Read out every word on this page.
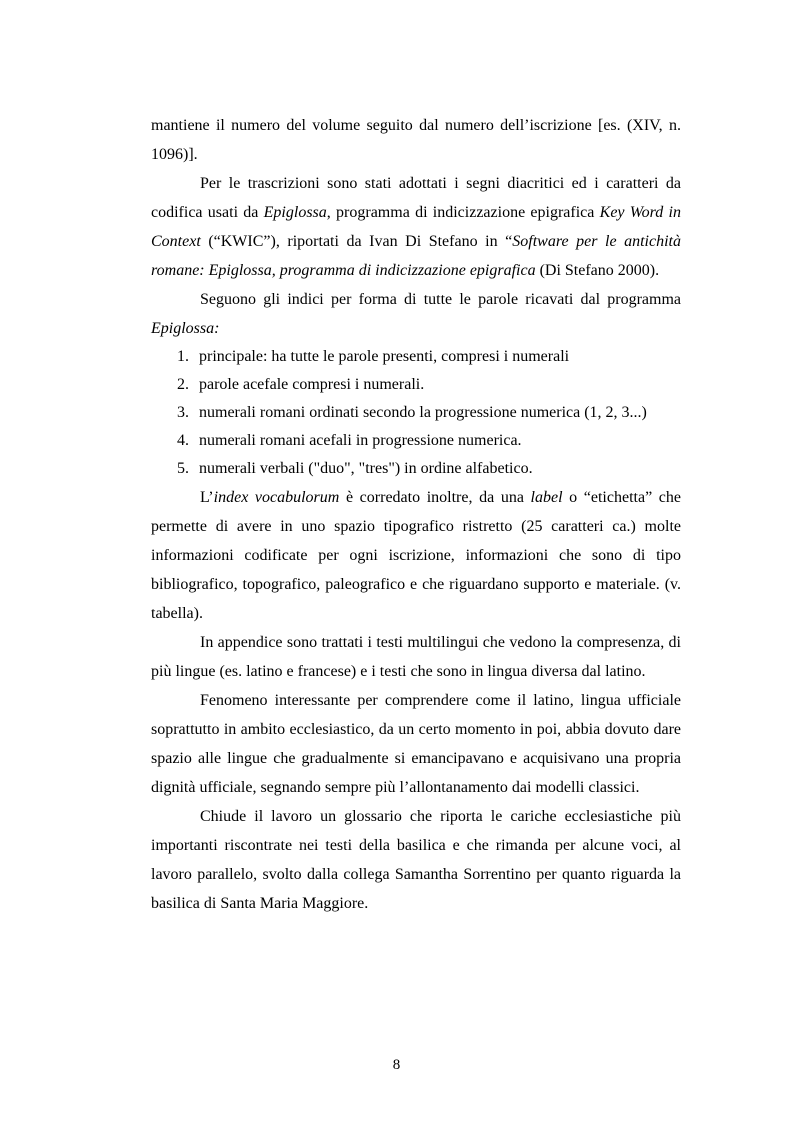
mantiene il numero del volume seguito dal numero dell’iscrizione [es. (XIV, n. 1096)].

Per le trascrizioni sono stati adottati i segni diacritici ed i caratteri da codifica usati da Epiglossa, programma di indicizzazione epigrafica Key Word in Context (“KWIC”), riportati da Ivan Di Stefano in “Software per le antichità romane: Epiglossa, programma di indicizzazione epigrafica (Di Stefano 2000).

Seguono gli indici per forma di tutte le parole ricavati dal programma Epiglossa:

1. principale: ha tutte le parole presenti, compresi i numerali
2. parole acefale compresi i numerali.
3. numerali romani ordinati secondo la progressione numerica (1, 2, 3...)
4. numerali romani acefali in progressione numerica.
5. numerali verbali ("duo", "tres") in ordine alfabetico.

L’index vocabulorum è corredato inoltre, da una label o “etichetta” che permette di avere in uno spazio tipografico ristretto (25 caratteri ca.) molte informazioni codificate per ogni iscrizione, informazioni che sono di tipo bibliografico, topografico, paleografico e che riguardano supporto e materiale. (v. tabella).

In appendice sono trattati i testi multilingui che vedono la compresenza, di più lingue (es. latino e francese) e i testi che sono in lingua diversa dal latino.

Fenomeno interessante per comprendere come il latino, lingua ufficiale soprattutto in ambito ecclesiastico, da un certo momento in poi, abbia dovuto dare spazio alle lingue che gradualmente si emancipavano e acquisivano una propria dignità ufficiale, segnando sempre più l’allontanamento dai modelli classici.

Chiude il lavoro un glossario che riporta le cariche ecclesiastiche più importanti riscontrate nei testi della basilica e che rimanda per alcune voci, al lavoro parallelo, svolto dalla collega Samantha Sorrentino per quanto riguarda la basilica di Santa Maria Maggiore.

8
